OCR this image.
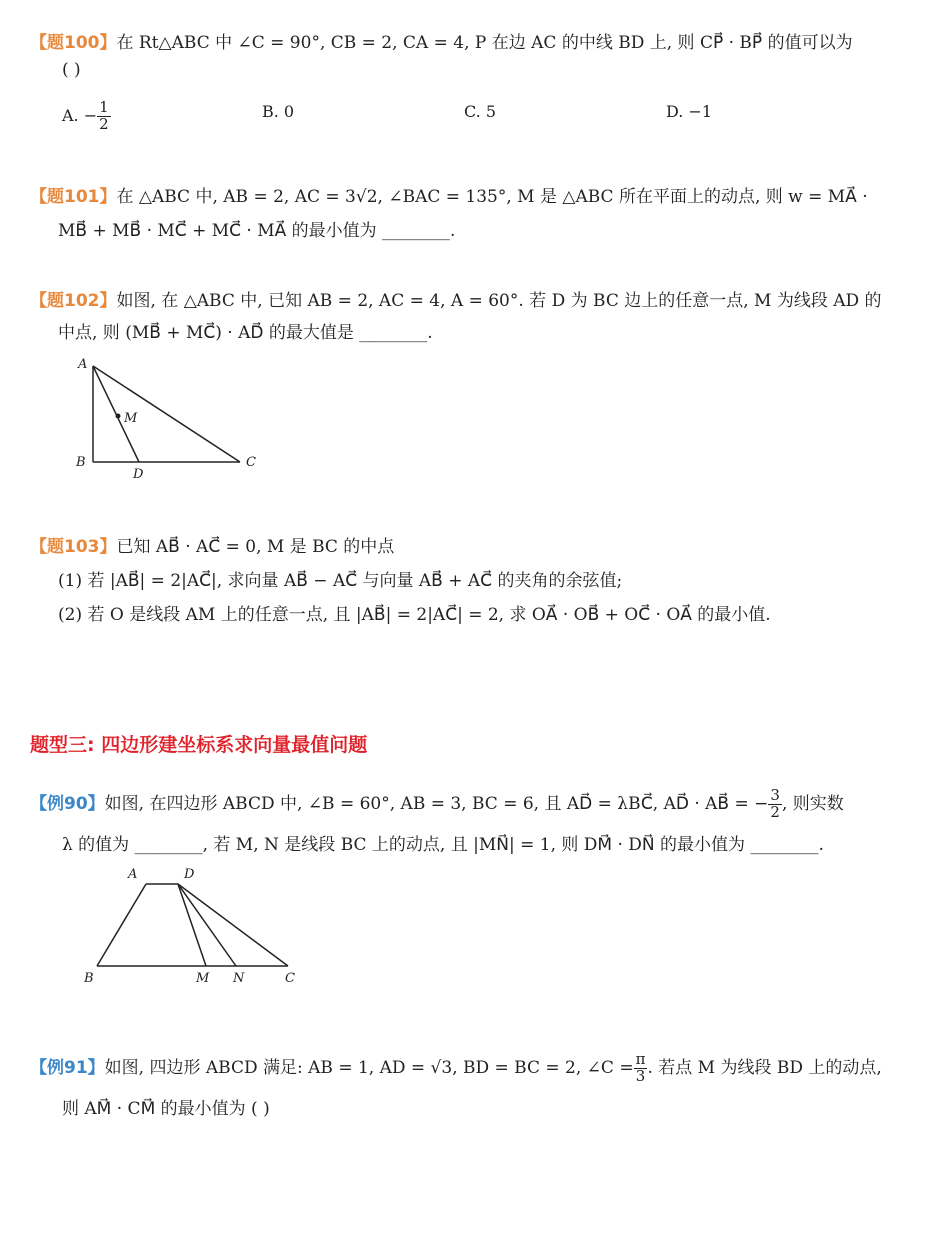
【题100】在 Rt△ABC 中 ∠C = 90°, CB = 2, CA = 4, P 在边 AC 的中线 BD 上, 则 CP⃗ · BP⃗ 的值可以为
( )
A. − $\frac{1}{2}$	B. 0	C. 5	D. −1
【题101】在 △ABC 中, AB = 2, AC = 3√2, ∠BAC = 135°, M 是 △ABC 所在平面上的动点, 则 w = MA⃗ ·
MB⃗ + MB⃗ · MC⃗ + MC⃗ · MA⃗ 的最小值为 ________.
【题102】如图, 在 △ABC 中, 已知 AB = 2, AC = 4, A = 60°. 若 D 为 BC 边上的任意一点, M 为线段 AD 的
中点, 则 (MB⃗ + MC⃗) · AD⃗ 的最大值是 ________.
A
B	C
D
M
【题103】已知 AB⃗ · AC⃗ = 0, M 是 BC 的中点
(1) 若 |AB⃗| = 2|AC⃗|, 求向量 AB⃗ − AC⃗ 与向量 AB⃗ + AC⃗ 的夹角的余弦值;
(2) 若 O 是线段 AM 上的任意一点, 且 |AB⃗| = 2|AC⃗| = 2, 求 OA⃗ · OB⃗ + OC⃗ · OA⃗ 的最小值.
题型三: 四边形建坐标系求向量最值问题
【例90】如图, 在四边形 ABCD 中, ∠B = 60°, AB = 3, BC = 6, 且 AD⃗ = λBC⃗, AD⃗ · AB⃗ = − $\frac{3}{2}$ , 则实数
λ 的值为 ________, 若 M, N 是线段 BC 上的动点, 且 |MN⃗| = 1, 则 DM⃗ · DN⃗ 的最小值为 ________.
A	D
B	M N	C
【例91】如图, 四边形 ABCD 满足: AB = 1, AD = √3, BD = BC = 2, ∠C = $\frac{\pi}{3}$ . 若点 M 为线段 BD 上的动点,
则 AM⃗ · CM⃗ 的最小值为 ( )
